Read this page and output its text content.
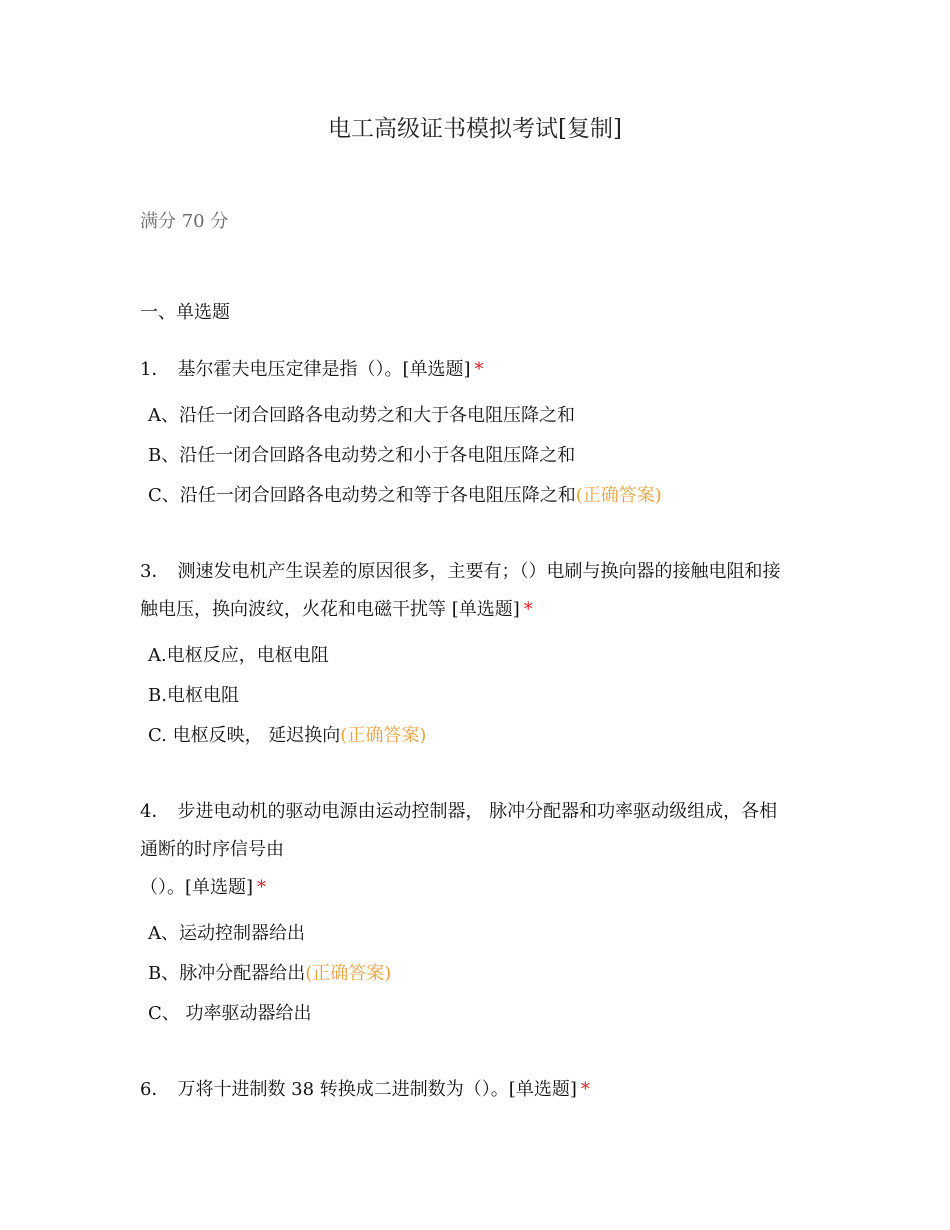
电工高级证书模拟考试[复制]
满分 70 分
一、单选题
1． 基尔霍夫电压定律是指（）。[单选题] *
A、沿任一闭合回路各电动势之和大于各电阻压降之和
B、沿任一闭合回路各电动势之和小于各电阻压降之和
C、沿任一闭合回路各电动势之和等于各电阻压降之和(正确答案)
3． 测速发电机产生误差的原因很多，主要有；（）电刷与换向器的接触电阻和接
触电压，换向波纹，火花和电磁干扰等 [单选题] *
A.电枢反应，电枢电阻
B.电枢电阻
C. 电枢反映， 延迟换向(正确答案)
4． 步进电动机的驱动电源由运动控制器， 脉冲分配器和功率驱动级组成，各相
通断的时序信号由
（）。[单选题] *
A、运动控制器给出
B、脉冲分配器给出(正确答案)
C、 功率驱动器给出
6． 万将十进制数 38 转换成二进制数为（）。[单选题] *
